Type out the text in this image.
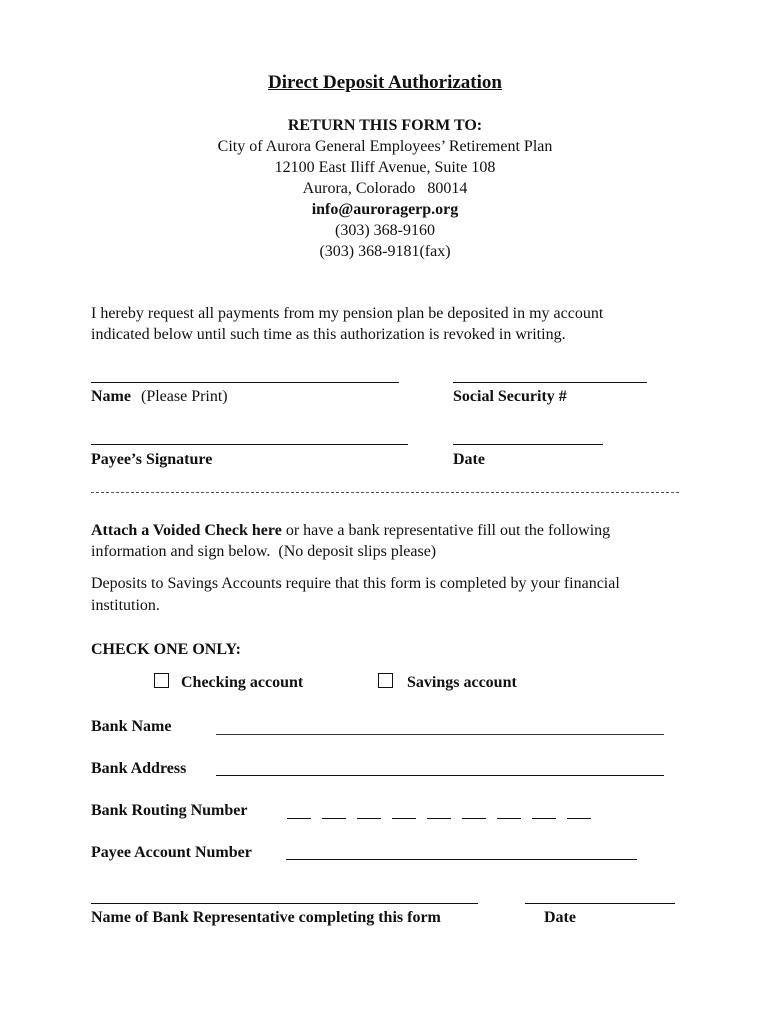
Direct Deposit Authorization
RETURN THIS FORM TO:
City of Aurora General Employees’ Retirement Plan
12100 East Iliff Avenue, Suite 108
Aurora, Colorado   80014
info@auroragerp.org
(303) 368-9160
(303) 368-9181(fax)
I hereby request all payments from my pension plan be deposited in my account
indicated below until such time as this authorization is revoked in writing.
Name (Please Print)	Social Security #
Payee’s Signature	Date
Attach a Voided Check here or have a bank representative fill out the following
information and sign below.  (No deposit slips please)
Deposits to Savings Accounts require that this form is completed by your financial
institution.
CHECK ONE ONLY:
Checking account	Savings account
Bank Name
Bank Address
Bank Routing Number
Payee Account Number
Name of Bank Representative completing this form	Date
